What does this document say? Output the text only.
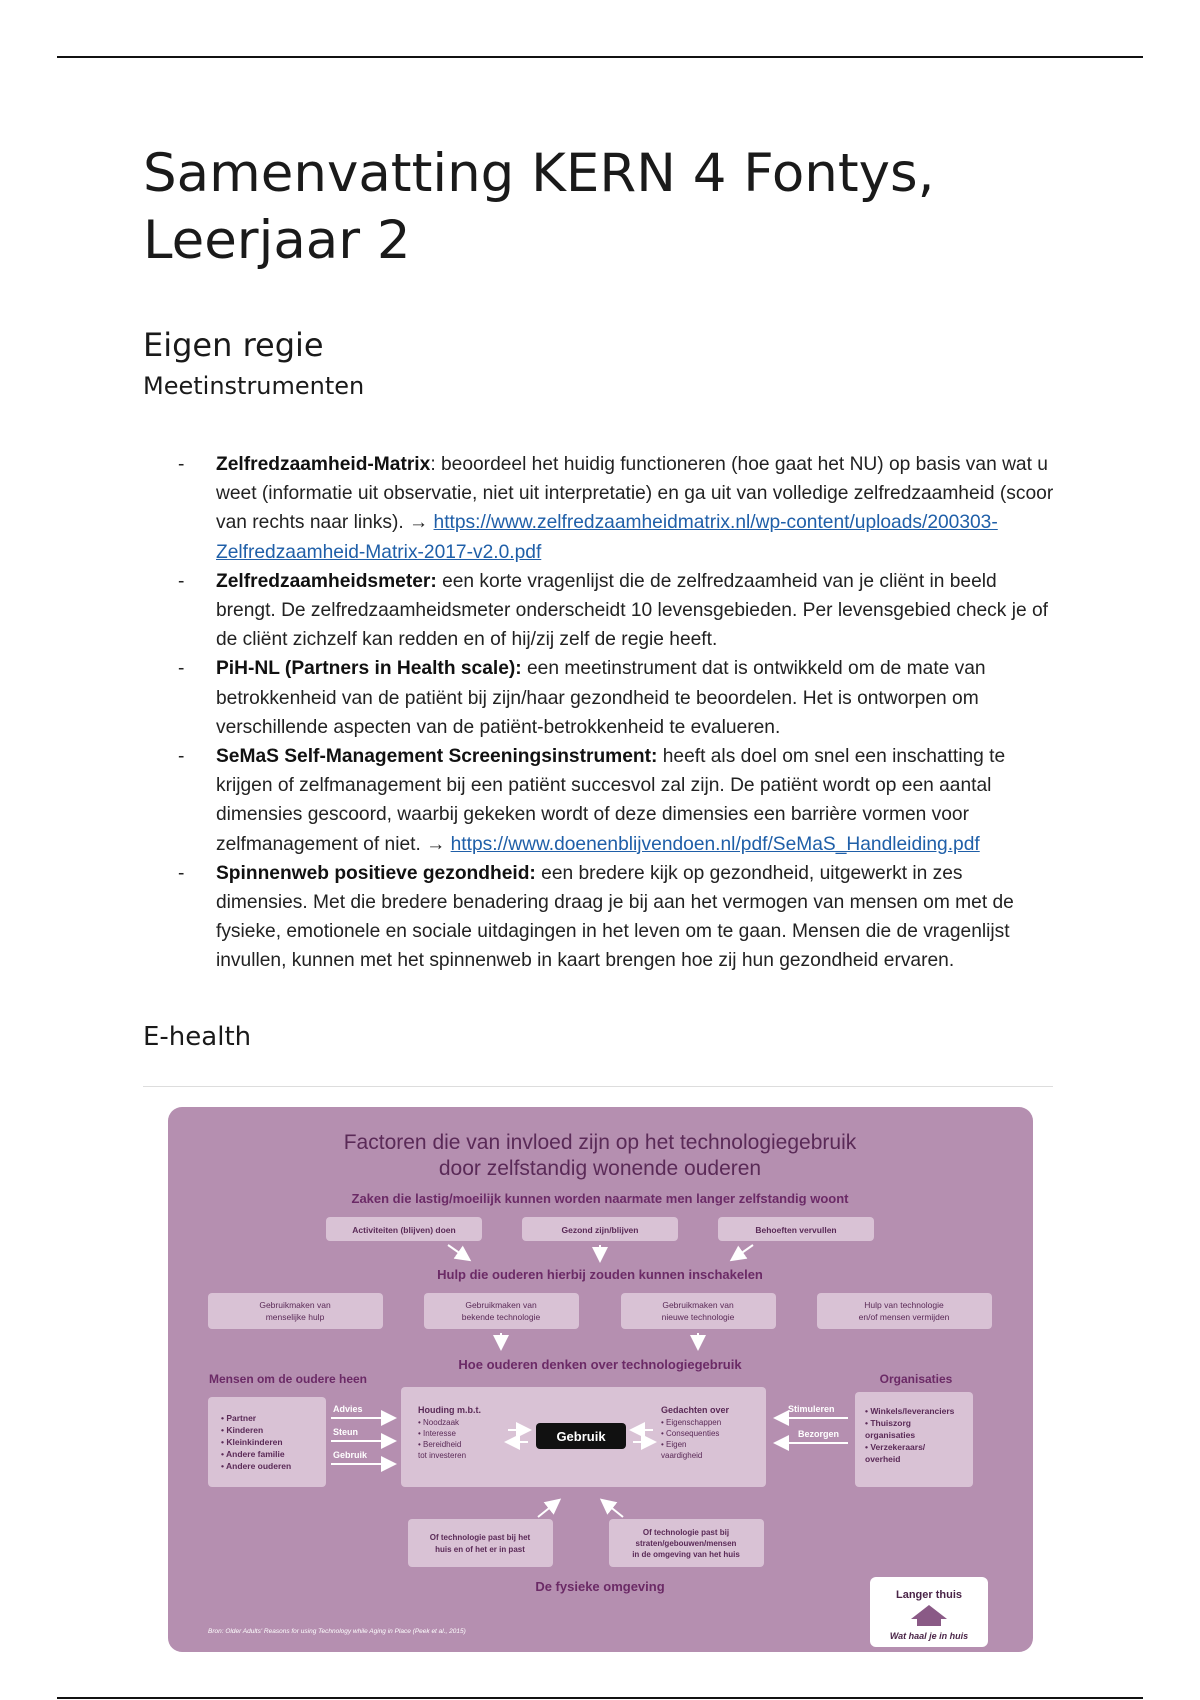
Samenvatting KERN 4 Fontys, Leerjaar 2
Eigen regie
Meetinstrumenten
- Zelfredzaamheid-Matrix: beoordeel het huidig functioneren (hoe gaat het NU) op basis van wat u weet (informatie uit observatie, niet uit interpretatie) en ga uit van volledige zelfredzaamheid (scoor van rechts naar links). → https://www.zelfredzaamheidmatrix.nl/wp-content/uploads/200303-Zelfredzaamheid-Matrix-2017-v2.0.pdf
- Zelfredzaamheidsmeter: een korte vragenlijst die de zelfredzaamheid van je cliënt in beeld brengt. De zelfredzaamheidsmeter onderscheidt 10 levensgebieden. Per levensgebied check je of de cliënt zichzelf kan redden en of hij/zij zelf de regie heeft.
- PiH-NL (Partners in Health scale): een meetinstrument dat is ontwikkeld om de mate van betrokkenheid van de patiënt bij zijn/haar gezondheid te beoordelen. Het is ontworpen om verschillende aspecten van de patiënt-betrokkenheid te evalueren.
- SeMaS Self-Management Screeningsinstrument: heeft als doel om snel een inschatting te krijgen of zelfmanagement bij een patiënt succesvol zal zijn. De patiënt wordt op een aantal dimensies gescoord, waarbij gekeken wordt of deze dimensies een barrière vormen voor zelfmanagement of niet. → https://www.doenenblijvendoen.nl/pdf/SeMaS_Handleiding.pdf
- Spinnenweb positieve gezondheid: een bredere kijk op gezondheid, uitgewerkt in zes dimensies. Met die bredere benadering draag je bij aan het vermogen van mensen om met de fysieke, emotionele en sociale uitdagingen in het leven om te gaan. Mensen die de vragenlijst invullen, kunnen met het spinnenweb in kaart brengen hoe zij hun gezondheid ervaren.
E-health
Factoren die van invloed zijn op het technologiegebruik
door zelfstandig wonende ouderen
Zaken die lastig/moeilijk kunnen worden naarmate men langer zelfstandig woont
Activiteiten (blijven) doen	Gezond zijn/blijven	Behoeften vervullen
Hulp die ouderen hierbij zouden kunnen inschakelen
Gebruikmaken van
menselijke hulp
Gebruikmaken van
bekende technologie
Gebruikmaken van
nieuwe technologie
Hulp van technologie
en/of mensen vermijden
Hoe ouderen denken over technologiegebruik
Mensen om de oudere heen	Organisaties
• Partner
• Kinderen
• Kleinkinderen
• Andere familie
• Andere ouderen
Advies
Steun
Gebruik
Houding m.b.t.
• Noodzaak
• Interesse
• Bereidheid
tot investeren
Gebruik
Gedachten over
• Eigenschappen
• Consequenties
• Eigen
vaardigheid
Stimuleren
Bezorgen
• Winkels/leveranciers
• Thuiszorg
organisaties
• Verzekeraars/
overheid
Of technologie past bij het
huis en of het er in past
Of technologie past bij
straten/gebouwen/mensen
in de omgeving van het huis
De fysieke omgeving
Bron: Older Adults' Reasons for using Technology while Aging in Place (Peek et al., 2015)
Langer thuis
Wat haal je in huis
